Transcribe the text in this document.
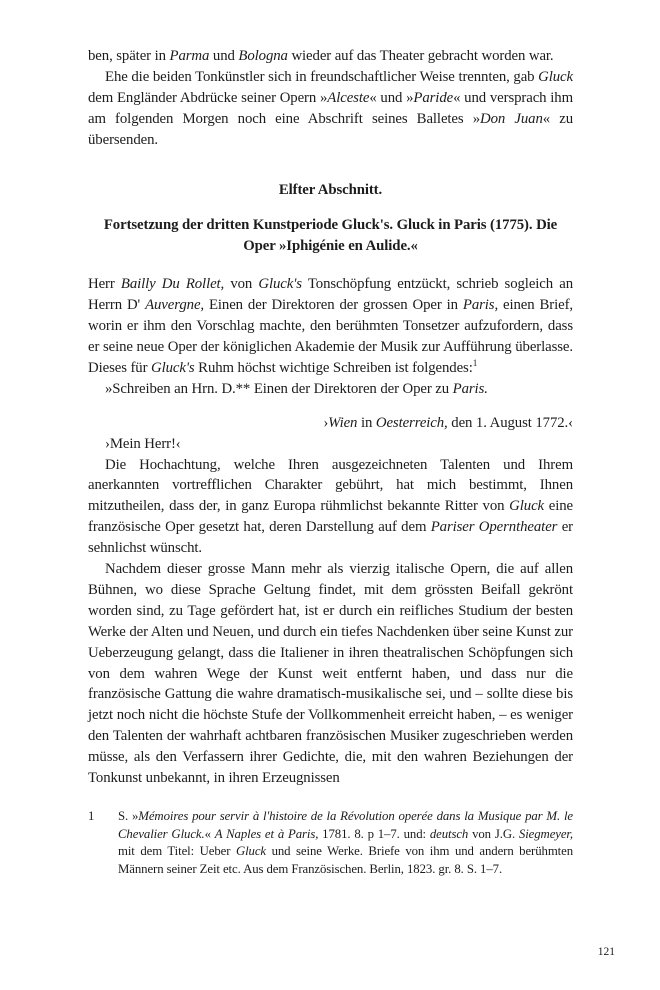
ben, später in Parma und Bologna wieder auf das Theater gebracht worden war.
Ehe die beiden Tonkünstler sich in freundschaftlicher Weise trennten, gab Gluck dem Engländer Abdrücke seiner Opern »Alceste« und »Paride« und versprach ihm am folgenden Morgen noch eine Abschrift seines Balletes »Don Juan« zu übersenden.
Elfter Abschnitt.
Fortsetzung der dritten Kunstperiode Gluck's. Gluck in Paris (1775). Die Oper »Iphigénie en Aulide.«
Herr Bailly Du Rollet, von Gluck's Tonschöpfung entzückt, schrieb sogleich an Herrn D' Auvergne, Einen der Direktoren der grossen Oper in Paris, einen Brief, worin er ihm den Vorschlag machte, den berühmten Tonsetzer aufzufordern, dass er seine neue Oper der königlichen Akademie der Musik zur Aufführung überlasse. Dieses für Gluck's Ruhm höchst wichtige Schreiben ist folgendes:$^1$
»Schreiben an Hrn. D.** Einen der Direktoren der Oper zu Paris.
›Wien in Oesterreich, den 1. August 1772.‹
›Mein Herr!‹
Die Hochachtung, welche Ihren ausgezeichneten Talenten und Ihrem anerkannten vortrefflichen Charakter gebührt, hat mich bestimmt, Ihnen mitzutheilen, dass der, in ganz Europa rühmlichst bekannte Ritter von Gluck eine französische Oper gesetzt hat, deren Darstellung auf dem Pariser Operntheater er sehnlichst wünscht.
Nachdem dieser grosse Mann mehr als vierzig italische Opern, die auf allen Bühnen, wo diese Sprache Geltung findet, mit dem grössten Beifall gekrönt worden sind, zu Tage gefördert hat, ist er durch ein reifliches Studium der besten Werke der Alten und Neuen, und durch ein tiefes Nachdenken über seine Kunst zur Ueberzeugung gelangt, dass die Italiener in ihren theatralischen Schöpfungen sich von dem wahren Wege der Kunst weit entfernt haben, und dass nur die französische Gattung die wahre dramatisch-musikalische sei, und – sollte diese bis jetzt noch nicht die höchste Stufe der Vollkommenheit erreicht haben, – es weniger den Talenten der wahrhaft achtbaren französischen Musiker zugeschrieben werden müsse, als den Verfassern ihrer Gedichte, die, mit den wahren Beziehungen der Tonkunst unbekannt, in ihren Erzeugnissen
1	S. »Mémoires pour servir à l'histoire de la Révolution operée dans la Musique par M. le Chevalier Gluck.« A Naples et à Paris, 1781. 8. p 1–7. und: deutsch von J.G. Siegmeyer, mit dem Titel: Ueber Gluck und seine Werke. Briefe von ihm und andern berühmten Männern seiner Zeit etc. Aus dem Französischen. Berlin, 1823. gr. 8. S. 1–7.
121
